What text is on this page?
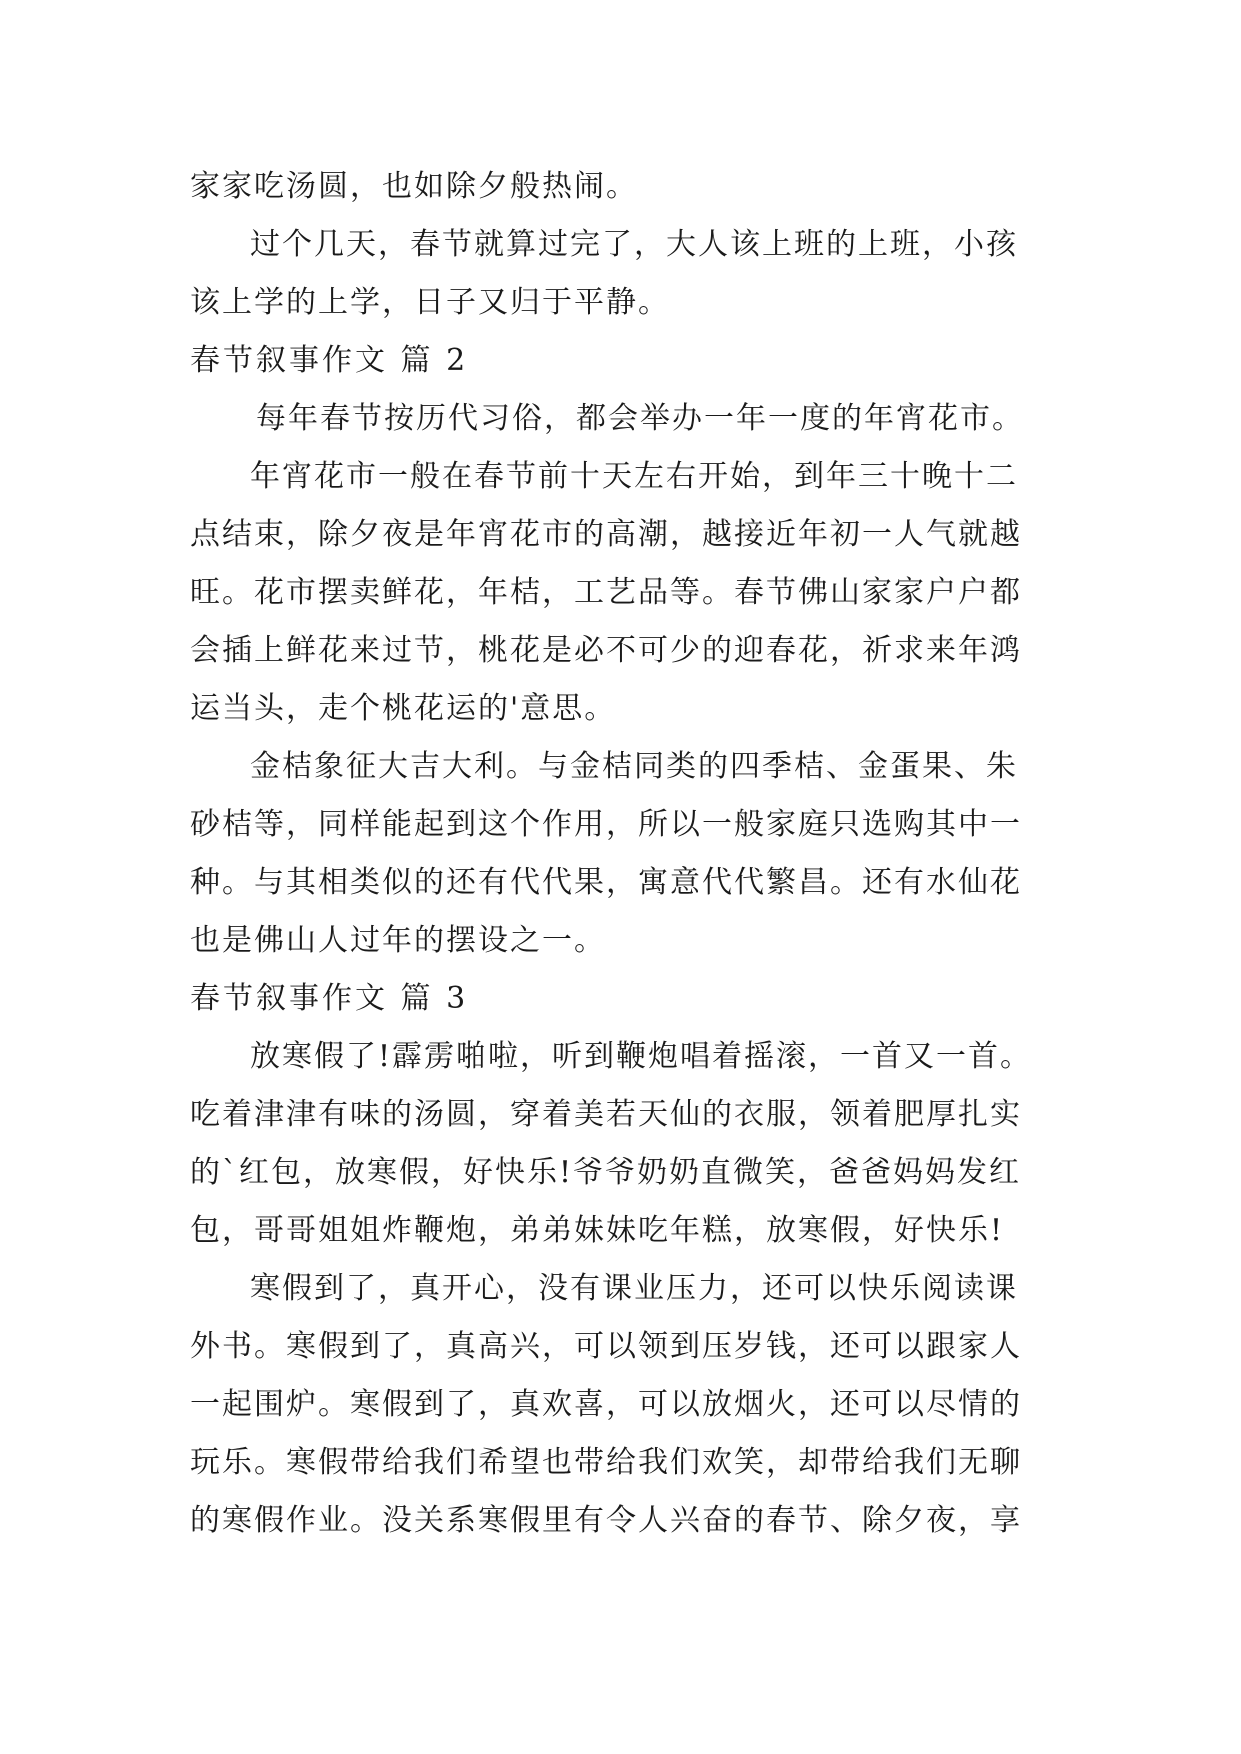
家家吃汤圆，也如除夕般热闹。
过个几天，春节就算过完了，大人该上班的上班，小孩
该上学的上学，日子又归于平静。
春节叙事作文 篇 2
每年春节按历代习俗，都会举办一年一度的年宵花市。
年宵花市一般在春节前十天左右开始，到年三十晚十二
点结束，除夕夜是年宵花市的高潮，越接近年初一人气就越
旺。花市摆卖鲜花，年桔，工艺品等。春节佛山家家户户都
会插上鲜花来过节，桃花是必不可少的迎春花，祈求来年鸿
运当头，走个桃花运的'意思。
金桔象征大吉大利。与金桔同类的四季桔、金蛋果、朱
砂桔等，同样能起到这个作用，所以一般家庭只选购其中一
种。与其相类似的还有代代果，寓意代代繁昌。还有水仙花
也是佛山人过年的摆设之一。
春节叙事作文 篇 3
放寒假了!霹雳啪啦，听到鞭炮唱着摇滚，一首又一首。
吃着津津有味的汤圆，穿着美若天仙的衣服，领着肥厚扎实
的`红包，放寒假，好快乐!爷爷奶奶直微笑，爸爸妈妈发红
包，哥哥姐姐炸鞭炮，弟弟妹妹吃年糕，放寒假，好快乐!
寒假到了，真开心，没有课业压力，还可以快乐阅读课
外书。寒假到了，真高兴，可以领到压岁钱，还可以跟家人
一起围炉。寒假到了，真欢喜，可以放烟火，还可以尽情的
玩乐。寒假带给我们希望也带给我们欢笑，却带给我们无聊
的寒假作业。没关系寒假里有令人兴奋的春节、除夕夜，享
